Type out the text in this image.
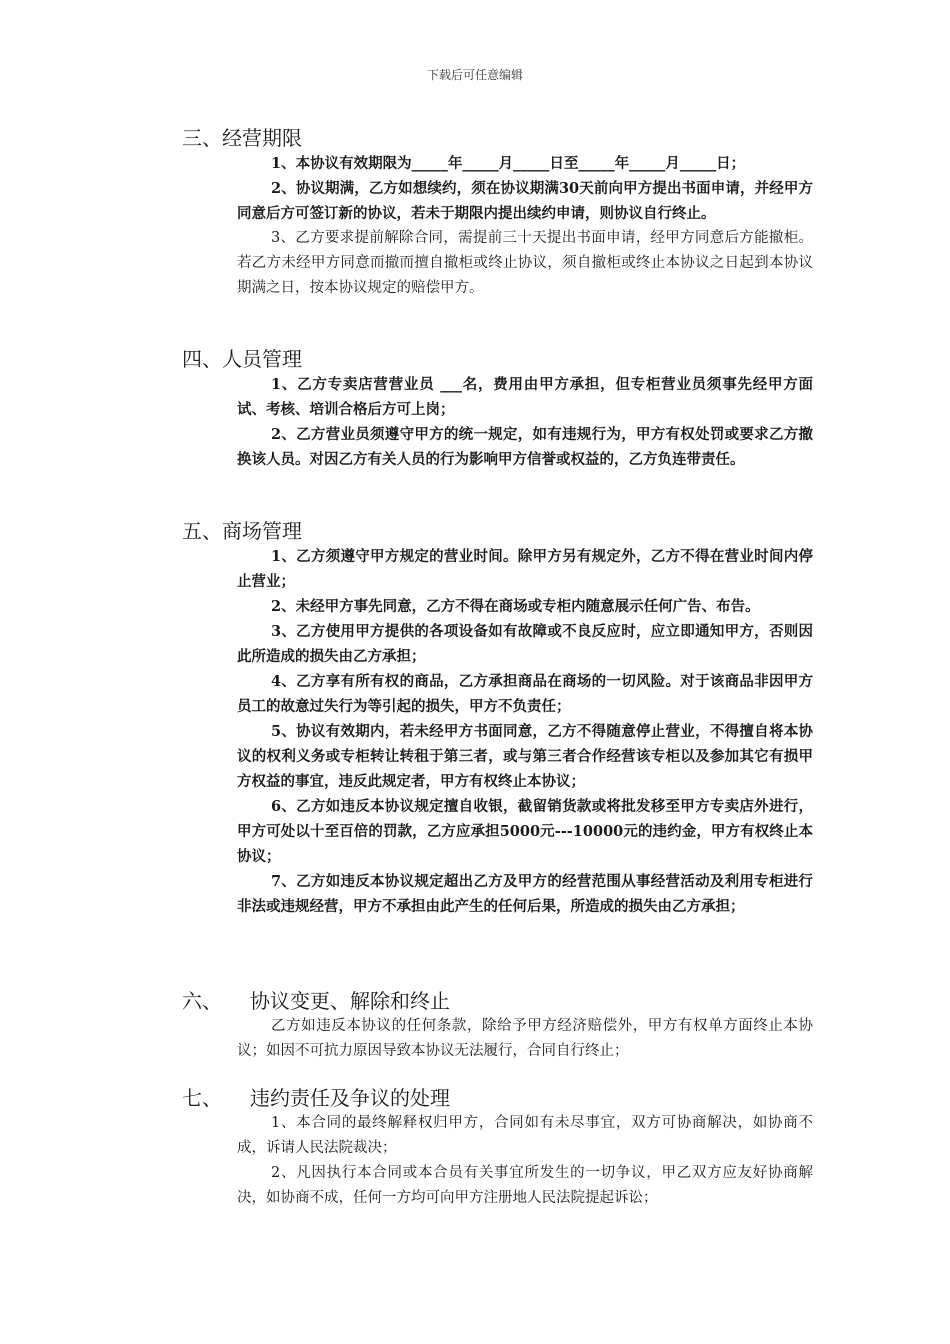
下载后可任意编辑
三、经营期限
1、本协议有效期限为_____年_____月_____日至_____年_____月_____日；
2、协议期满，乙方如想续约，须在协议期满30天前向甲方提出书面申请，并经甲方同意后方可签订新的协议，若未于期限内提出续约申请，则协议自行终止。
3、乙方要求提前解除合同，需提前三十天提出书面申请，经甲方同意后方能撤柜。若乙方未经甲方同意而撤而擅自撤柜或终止协议，须自撤柜或终止本协议之日起到本协议期满之日，按本协议规定的赔偿甲方。
四、人员管理
1、乙方专卖店营营业员 ___名，费用由甲方承担，但专柜营业员须事先经甲方面试、考核、培训合格后方可上岗；
2、乙方营业员须遵守甲方的统一规定，如有违规行为，甲方有权处罚或要求乙方撤换该人员。对因乙方有关人员的行为影响甲方信誉或权益的，乙方负连带责任。
五、商场管理
1、乙方须遵守甲方规定的营业时间。除甲方另有规定外，乙方不得在营业时间内停止营业；
2、未经甲方事先同意，乙方不得在商场或专柜内随意展示任何广告、布告。
3、乙方使用甲方提供的各项设备如有故障或不良反应时，应立即通知甲方，否则因此所造成的损失由乙方承担；
4、乙方享有所有权的商品，乙方承担商品在商场的一切风险。对于该商品非因甲方员工的故意过失行为等引起的损失，甲方不负责任；
5、协议有效期内，若未经甲方书面同意，乙方不得随意停止营业，不得擅自将本协议的权利义务或专柜转让转租于第三者，或与第三者合作经营该专柜以及参加其它有损甲方权益的事宜，违反此规定者，甲方有权终止本协议；
6、乙方如违反本协议规定擅自收银，截留销货款或将批发移至甲方专卖店外进行，甲方可处以十至百倍的罚款，乙方应承担5000元---10000元的违约金，甲方有权终止本协议；
7、乙方如违反本协议规定超出乙方及甲方的经营范围从事经营活动及利用专柜进行非法或违规经营，甲方不承担由此产生的任何后果，所造成的损失由乙方承担；
六、 协议变更、解除和终止
乙方如违反本协议的任何条款，除给予甲方经济赔偿外，甲方有权单方面终止本协议；如因不可抗力原因导致本协议无法履行，合同自行终止；
七、 违约责任及争议的处理
1、本合同的最终解释权归甲方，合同如有未尽事宜，双方可协商解决，如协商不成，诉请人民法院裁决；
2、凡因执行本合同或本合员有关事宜所发生的一切争议，甲乙双方应友好协商解决，如协商不成，任何一方均可向甲方注册地人民法院提起诉讼；
